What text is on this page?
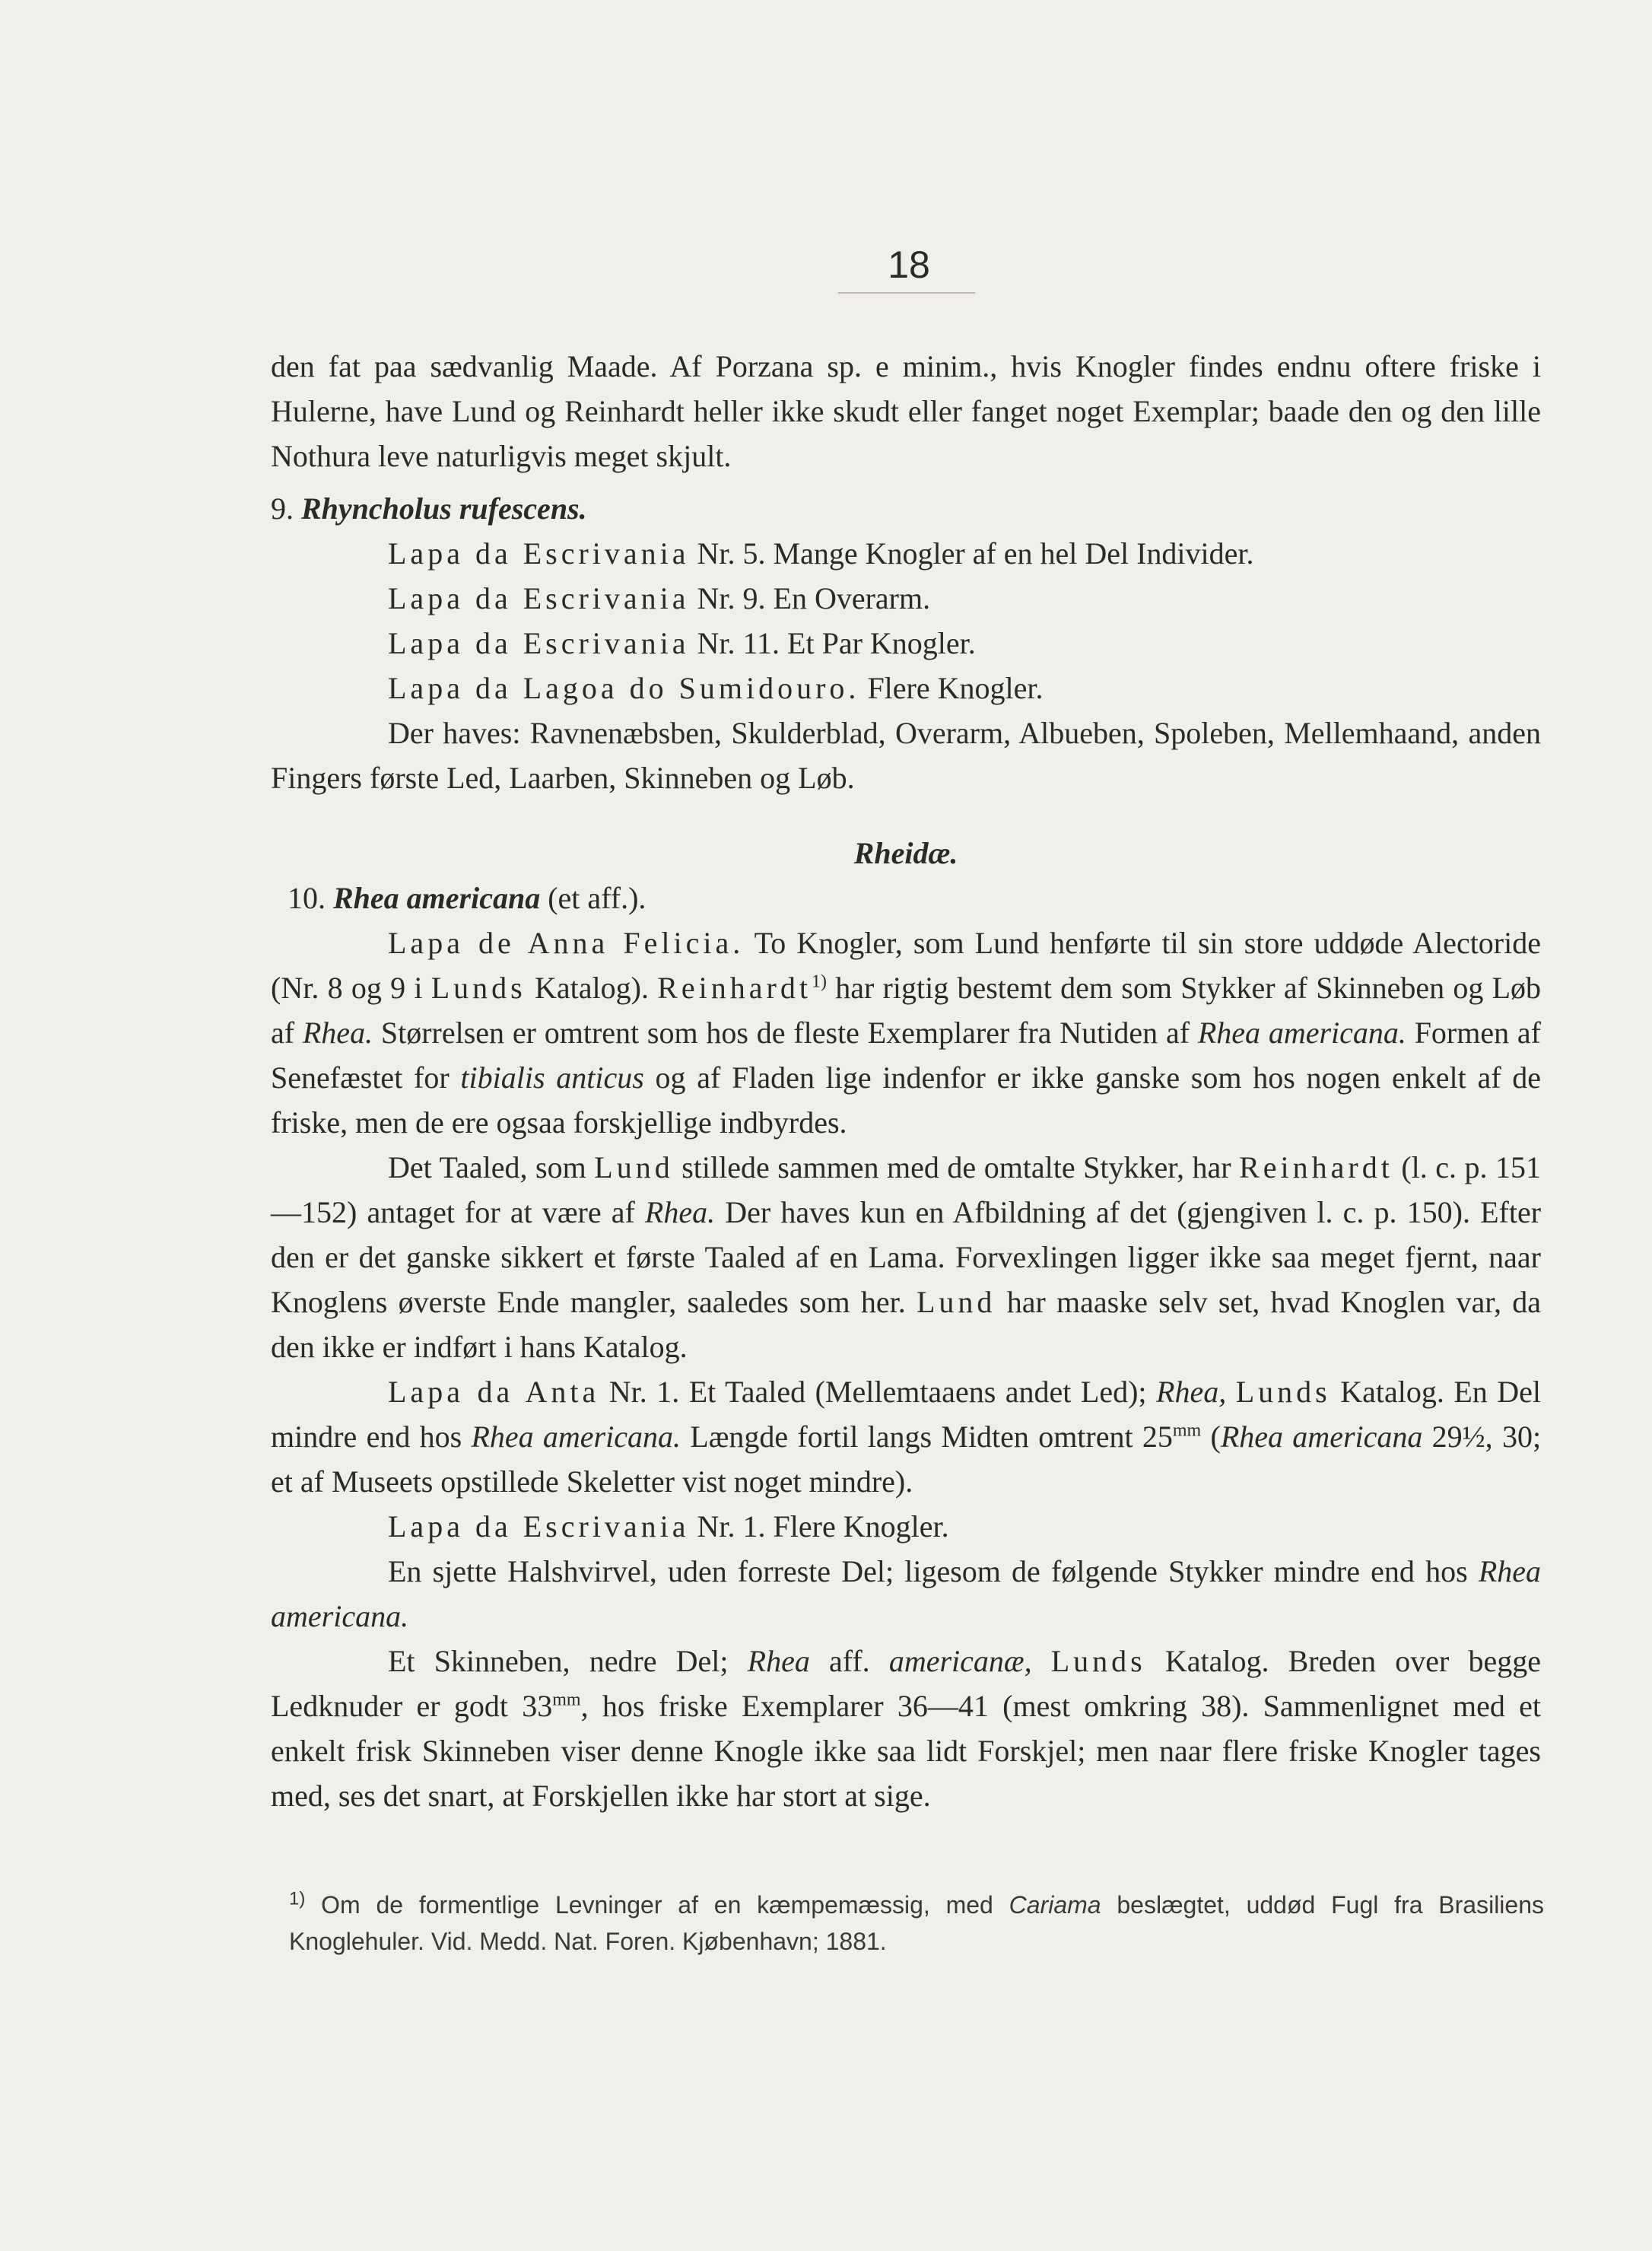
18

den fat paa sædvanlig Maade. Af Porzana sp. e minim., hvis Knogler findes endnu oftere friske i Hulerne, have Lund og Reinhardt heller ikke skudt eller fanget noget Exemplar; baade den og den lille Nothura leve naturligvis meget skjult.

9. Rhyncholus rufescens.

Lapa da Escrivania Nr. 5. Mange Knogler af en hel Del Individer.

Lapa da Escrivania Nr. 9. En Overarm.

Lapa da Escrivania Nr. 11. Et Par Knogler.

Lapa da Lagoa do Sumidouro. Flere Knogler.

Der haves: Ravnenæbsben, Skulderblad, Overarm, Albueben, Spoleben, Mellemhaand, anden Fingers første Led, Laarben, Skinneben og Løb.

Rheidæ.

10. Rhea americana (et aff.).

Lapa de Anna Felicia. To Knogler, som Lund henførte til sin store uddøde Alectoride (Nr. 8 og 9 i Lunds Katalog). Reinhardt$^{1)}$ har rigtig bestemt dem som Stykker af Skinneben og Løb af Rhea. Størrelsen er omtrent som hos de fleste Exemplarer fra Nutiden af Rhea americana. Formen af Senefæstet for tibialis anticus og af Fladen lige indenfor er ikke ganske som hos nogen enkelt af de friske, men de ere ogsaa forskjellige indbyrdes.

Det Taaled, som Lund stillede sammen med de omtalte Stykker, har Reinhardt (l. c. p. 151—152) antaget for at være af Rhea. Der haves kun en Afbildning af det (gjengiven l. c. p. 150). Efter den er det ganske sikkert et første Taaled af en Lama. Forvexlingen ligger ikke saa meget fjernt, naar Knoglens øverste Ende mangler, saaledes som her. Lund har maaske selv set, hvad Knoglen var, da den ikke er indført i hans Katalog.

Lapa da Anta Nr. 1. Et Taaled (Mellemtaaens andet Led); Rhea, Lunds Katalog. En Del mindre end hos Rhea americana. Længde fortil langs Midten omtrent $25^{mm}$ (Rhea americana 29½, 30; et af Museets opstillede Skeletter vist noget mindre).

Lapa da Escrivania Nr. 1. Flere Knogler.

En sjette Halshvirvel, uden forreste Del; ligesom de følgende Stykker mindre end hos Rhea americana.

Et Skinneben, nedre Del; Rhea aff. americanæ, Lunds Katalog. Breden over begge Ledknuder er godt $33^{mm}$, hos friske Exemplarer 36—41 (mest omkring 38). Sammenlignet med et enkelt frisk Skinneben viser denne Knogle ikke saa lidt Forskjel; men naar flere friske Knogler tages med, ses det snart, at Forskjellen ikke har stort at sige.

$^{1)}$ Om de formentlige Levninger af en kæmpemæssig, med Cariama beslægtet, uddød Fugl fra Brasiliens Knoglehuler. Vid. Medd. Nat. Foren. Kjøbenhavn; 1881.
